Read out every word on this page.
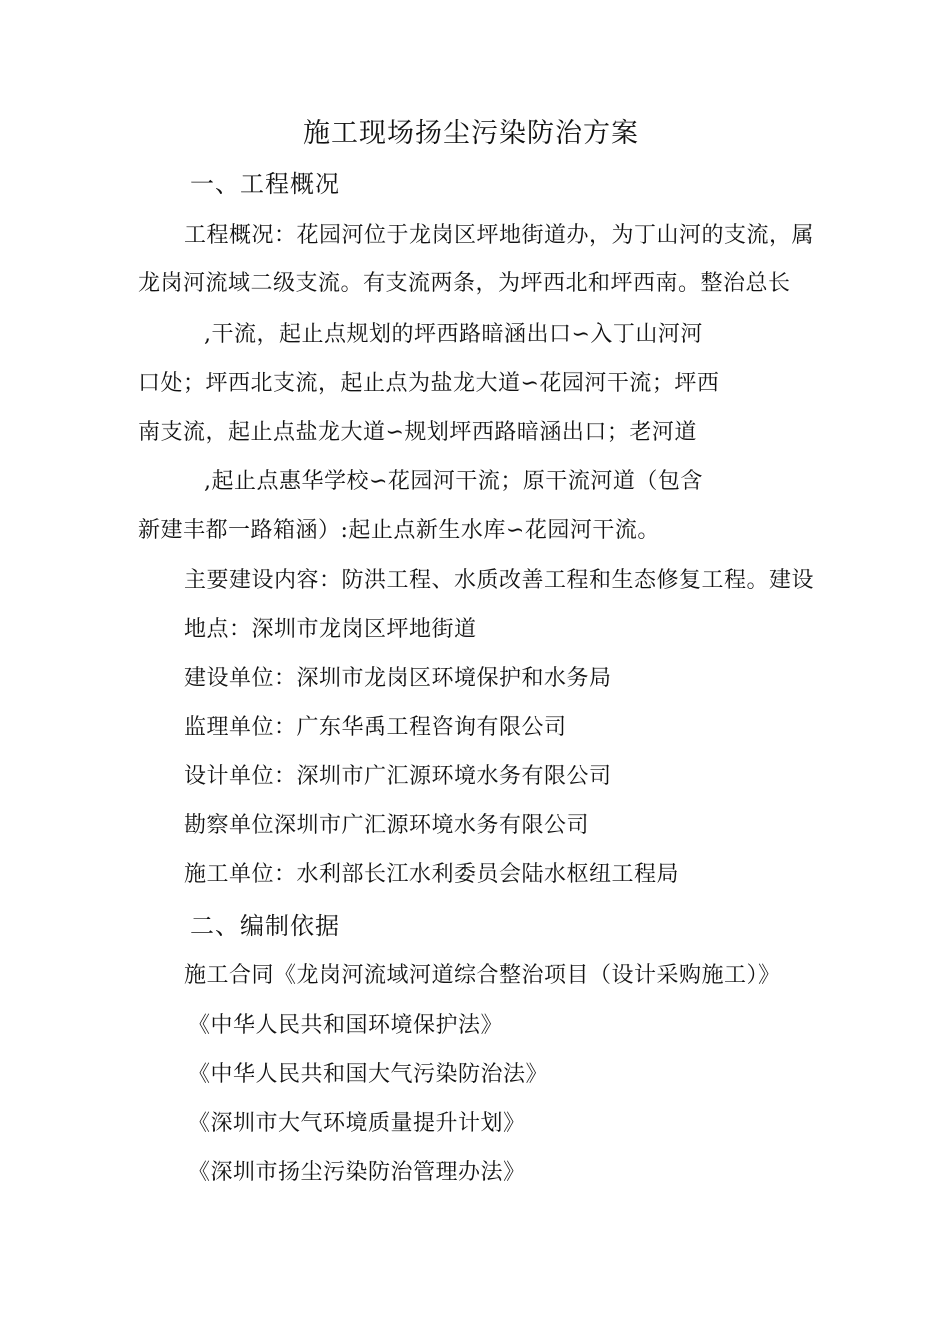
施工现场扬尘污染防治方案
一、工程概况
工程概况：花园河位于龙岗区坪地街道办，为丁山河的支流，属
龙岗河流域二级支流。有支流两条，为坪西北和坪西南。整治总长
,干流，起止点规划的坪西路暗涵出口∽入丁山河河
口处；坪西北支流，起止点为盐龙大道∽花园河干流；坪西
南支流，起止点盐龙大道∽规划坪西路暗涵出口；老河道
,起止点惠华学校∽花园河干流；原干流河道（包含
新建丰都一路箱涵）:起止点新生水库∽花园河干流。
主要建设内容：防洪工程、水质改善工程和生态修复工程。建设
地点：深圳市龙岗区坪地街道
建设单位：深圳市龙岗区环境保护和水务局
监理单位：广东华禹工程咨询有限公司
设计单位：深圳市广汇源环境水务有限公司
勘察单位深圳市广汇源环境水务有限公司
施工单位：水利部长江水利委员会陆水枢纽工程局
二、编制依据
施工合同《龙岗河流域河道综合整治项目（设计采购施工）》
《中华人民共和国环境保护法》
《中华人民共和国大气污染防治法》
《深圳市大气环境质量提升计划》
《深圳市扬尘污染防治管理办法》
